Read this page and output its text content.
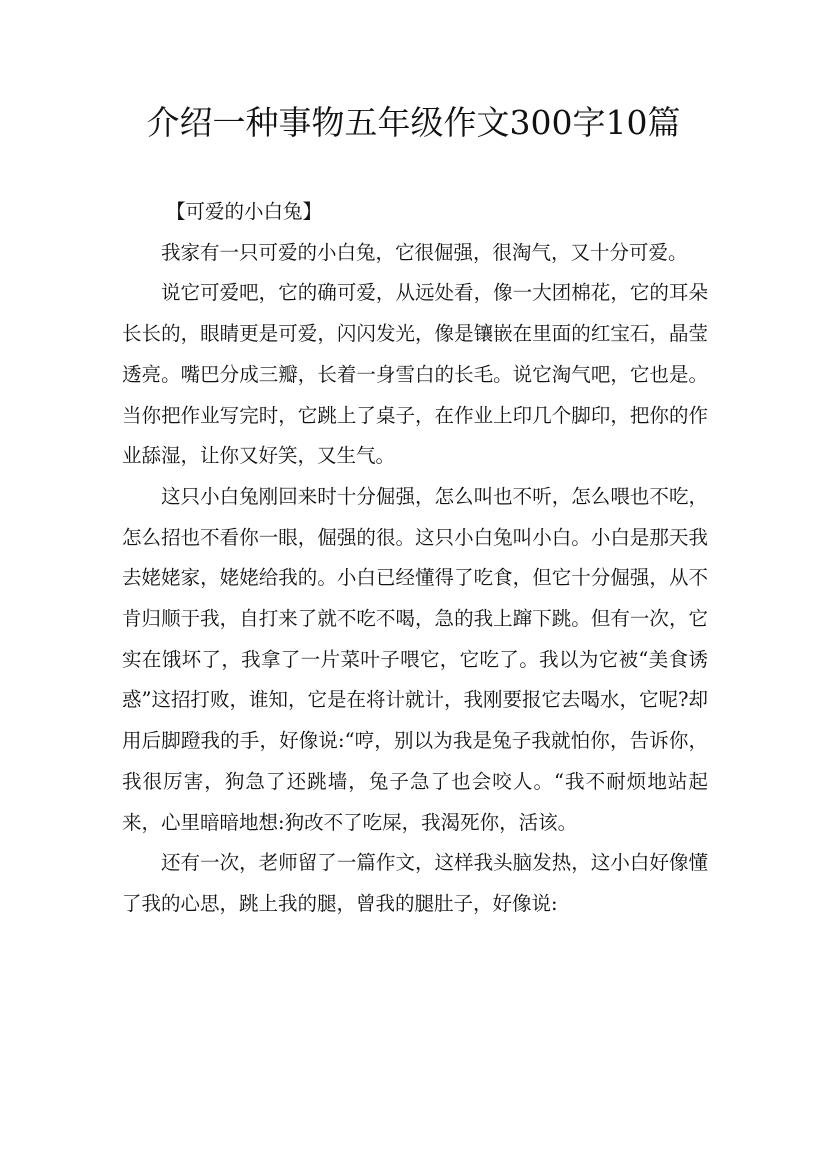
介绍一种事物五年级作文300字10篇

【可爱的小白兔】

我家有一只可爱的小白兔，它很倔强，很淘气，又十分可爱。

说它可爱吧，它的确可爱，从远处看，像一大团棉花，它的耳朵长长的，眼睛更是可爱，闪闪发光，像是镶嵌在里面的红宝石，晶莹透亮。嘴巴分成三瓣，长着一身雪白的长毛。说它淘气吧，它也是。当你把作业写完时，它跳上了桌子，在作业上印几个脚印，把你的作业舔湿，让你又好笑，又生气。

这只小白兔刚回来时十分倔强，怎么叫也不听，怎么喂也不吃，怎么招也不看你一眼，倔强的很。这只小白兔叫小白。小白是那天我去姥姥家，姥姥给我的。小白已经懂得了吃食，但它十分倔强，从不肯归顺于我，自打来了就不吃不喝，急的我上蹿下跳。但有一次，它实在饿坏了，我拿了一片菜叶子喂它，它吃了。我以为它被“美食诱惑”这招打败，谁知，它是在将计就计，我刚要报它去喝水，它呢?却用后脚蹬我的手，好像说:“哼，别以为我是兔子我就怕你，告诉你，我很厉害，狗急了还跳墙，兔子急了也会咬人。“我不耐烦地站起来，心里暗暗地想:狗改不了吃屎，我渴死你，活该。

还有一次，老师留了一篇作文，这样我头脑发热，这小白好像懂了我的心思，跳上我的腿，曾我的腿肚子，好像说:
